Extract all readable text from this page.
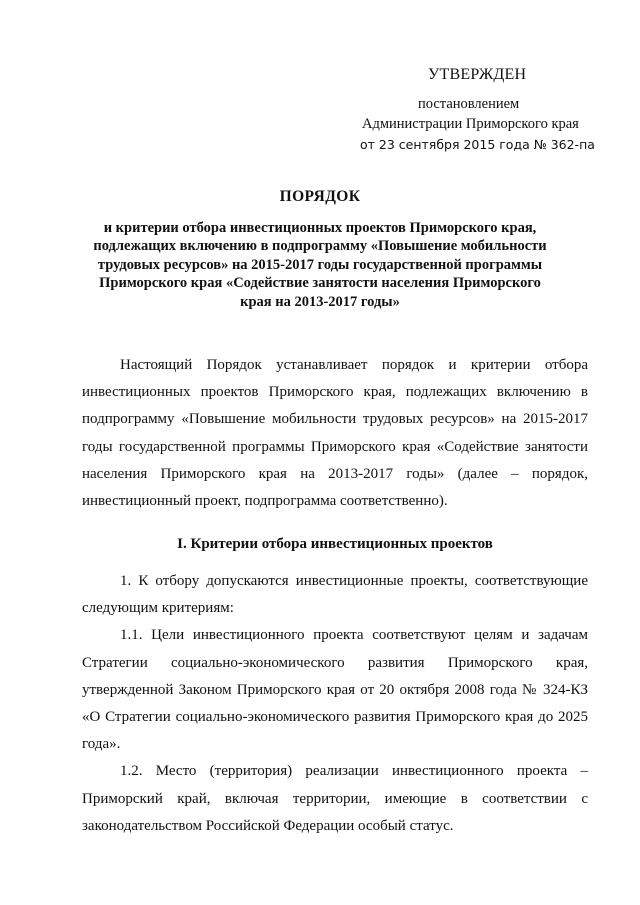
УТВЕРЖДЕН
постановлением
Администрации Приморского края
от 23 сентября 2015 года № 362-па
ПОРЯДОК
и критерии отбора инвестиционных проектов Приморского края, подлежащих включению в подпрограмму «Повышение мобильности трудовых ресурсов» на 2015-2017 годы государственной программы Приморского края «Содействие занятости населения Приморского края на 2013-2017 годы»

Настоящий Порядок устанавливает порядок и критерии отбора инвестиционных проектов Приморского края, подлежащих включению в подпрограмму «Повышение мобильности трудовых ресурсов» на 2015-2017 годы государственной программы Приморского края «Содействие занятости населения Приморского края на 2013-2017 годы» (далее – порядок, инвестиционный проект, подпрограмма соответственно).

I. Критерии отбора инвестиционных проектов

1. К отбору допускаются инвестиционные проекты, соответствующие следующим критериям:

1.1. Цели инвестиционного проекта соответствуют целям и задачам Стратегии социально-экономического развития Приморского края, утвержденной Законом Приморского края от 20 октября 2008 года № 324-КЗ «О Стратегии социально-экономического развития Приморского края до 2025 года».

1.2. Место (территория) реализации инвестиционного проекта – Приморский край, включая территории, имеющие в соответствии с законодательством Российской Федерации особый статус.
